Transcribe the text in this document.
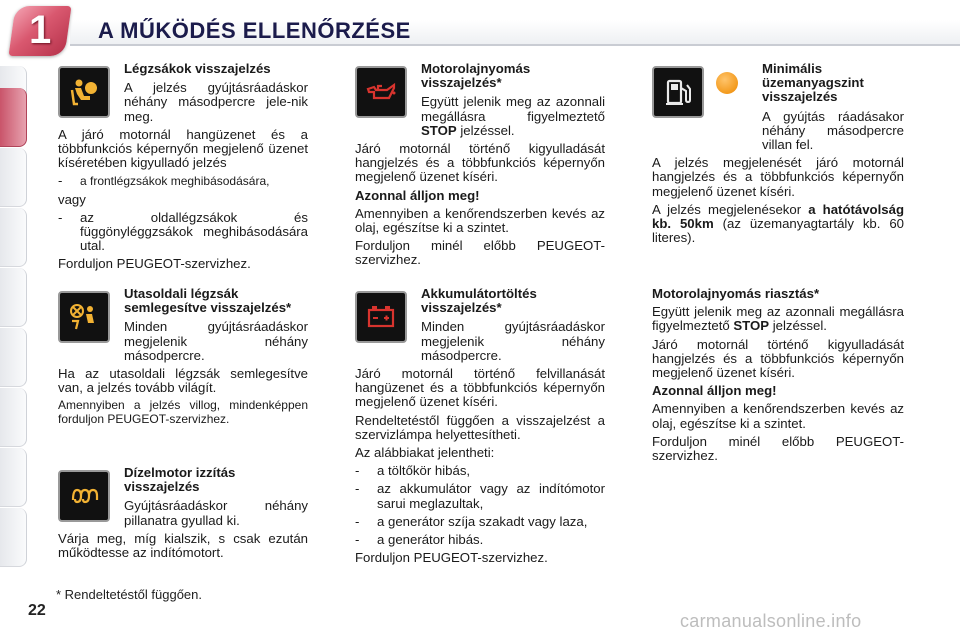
1	A MŰKÖDÉS ELLENŐRZÉSE
Légzsákok visszajelzés
A jelzés gyújtásráadáskor néhány másodpercre jele-nik meg.

A járó motornál hangüzenet és a többfunkciós képernyőn megjelenő üzenet kíséretében kigyulladó jelzés

-	a frontlégzsákok meghibásodására,

vagy

-	az oldallégzsákok és függönyléggzsákok meghibásodására utal.

Forduljon PEUGEOT-szervizhez.

Motorolajnyomás visszajelzés*
Együtt jelenik meg az azonnali megállásra figyelmeztető STOP jelzéssel.

Járó motornál történő kigyulladását hangjelzés és a többfunkciós képernyőn megjelenő üzenet kíséri.

Azonnal álljon meg!

Amennyiben a kenőrendszerben kevés az olaj, egészítse ki a szintet.

Forduljon minél előbb PEUGEOT-szervizhez.

Minimális üzemanyagszint visszajelzés
A gyújtás ráadásakor néhány másodpercre villan fel.

A jelzés megjelenését járó motornál hangjelzés és a többfunkciós képernyőn megjelenő üzenet kíséri.

A jelzés megjelenésekor a hatótávolság kb. 50km (az üzemanyagtartály kb. 60 literes).

Utasoldali légzsák semlegesítve visszajelzés*
Minden gyújtásráadáskor megjelenik néhány másodpercre.

Ha az utasoldali légzsák semlegesítve van, a jelzés tovább világít.

Amennyiben a jelzés villog, mindenképpen forduljon PEUGEOT-szervizhez.

Akkumulátortöltés visszajelzés*
Minden gyújtásráadáskor megjelenik néhány másodpercre.

Járó motornál történő felvillanását hangüzenet és a többfunkciós képernyőn megjelenő üzenet kíséri.

Rendeltetéstől függően a visszajelzést a szervizlámpa helyettesítheti.

Az alábbiakat jelentheti:

-	a töltőkör hibás,
-	az akkumulátor vagy az indítómotor sarui meglazultak,
-	a generátor szíja szakadt vagy laza,
-	a generátor hibás.

Forduljon PEUGEOT-szervizhez.

Motorolajnyomás riasztás*

Együtt jelenik meg az azonnali megállásra figyelmeztető STOP jelzéssel.

Járó motornál történő kigyulladását hangjelzés és a többfunkciós képernyőn megjelenő üzenet kíséri.

Azonnal álljon meg!

Amennyiben a kenőrendszerben kevés az olaj, egészítse ki a szintet.

Forduljon minél előbb PEUGEOT-szervizhez.

Dízelmotor izzítás visszajelzés
Gyújtásráadáskor néhány pillanatra gyullad ki.

Várja meg, míg kialszik, s csak ezután működtesse az indítómotort.

* Rendeltetéstől függően.
22
carmanualsonline.info
